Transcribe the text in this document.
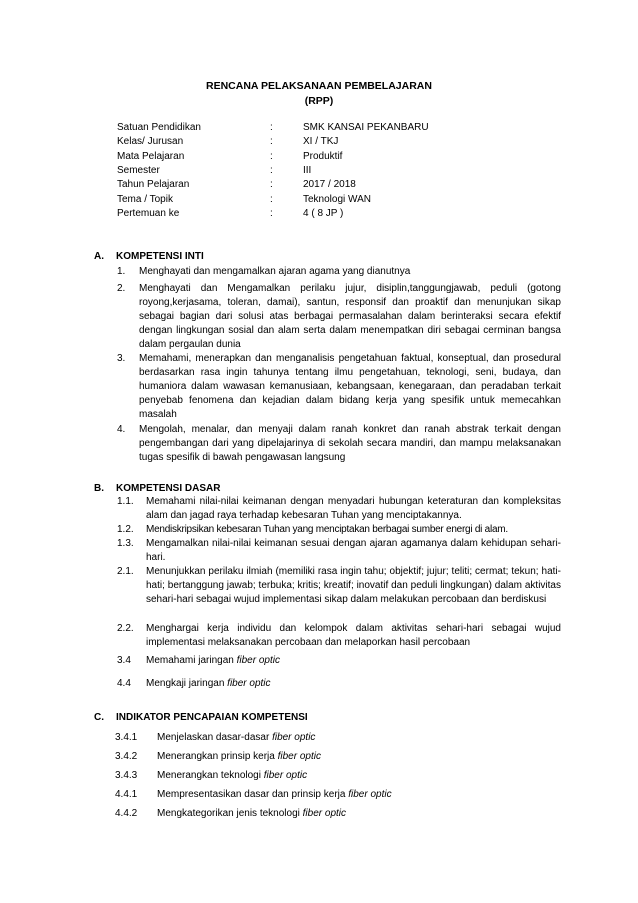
RENCANA PELAKSANAAN PEMBELAJARAN
(RPP)
Satuan Pendidikan	:	SMK KANSAI PEKANBARU
Kelas/ Jurusan	:	XI / TKJ
Mata Pelajaran	:	Produktif
Semester	:	III
Tahun Pelajaran	:	2017 / 2018
Tema / Topik	:	Teknologi WAN
Pertemuan ke	:	4 ( 8 JP )
A. KOMPETENSI INTI
1. Menghayati dan mengamalkan ajaran agama yang dianutnya
2. Menghayati dan Mengamalkan perilaku jujur, disiplin,tanggungjawab, peduli (gotong royong,kerjasama, toleran, damai), santun, responsif dan proaktif dan menunjukan sikap sebagai bagian dari solusi atas berbagai permasalahan dalam berinteraksi secara efektif dengan lingkungan sosial dan alam serta dalam menempatkan diri sebagai cerminan bangsa dalam pergaulan dunia
3. Memahami, menerapkan dan menganalisis pengetahuan faktual, konseptual, dan prosedural berdasarkan rasa ingin tahunya tentang ilmu pengetahuan, teknologi, seni, budaya, dan humaniora dalam wawasan kemanusiaan, kebangsaan, kenegaraan, dan peradaban terkait penyebab fenomena dan kejadian dalam bidang kerja yang spesifik untuk memecahkan masalah
4. Mengolah, menalar, dan menyaji dalam ranah konkret dan ranah abstrak terkait dengan pengembangan dari yang dipelajarinya di sekolah secara mandiri, dan mampu melaksanakan tugas spesifik di bawah pengawasan langsung
B. KOMPETENSI DASAR
1.1. Memahami nilai-nilai keimanan dengan menyadari hubungan keteraturan dan kompleksitas alam dan jagad raya terhadap kebesaran Tuhan yang menciptakannya.
1.2. Mendiskripsikan kebesaran Tuhan yang menciptakan berbagai sumber energi di alam.
1.3. Mengamalkan nilai-nilai keimanan sesuai dengan ajaran agamanya dalam kehidupan sehari-hari.
2.1. Menunjukkan perilaku ilmiah (memiliki rasa ingin tahu; objektif; jujur; teliti; cermat; tekun; hati-hati; bertanggung jawab; terbuka; kritis; kreatif; inovatif dan peduli lingkungan) dalam aktivitas sehari-hari sebagai wujud implementasi sikap dalam melakukan percobaan dan berdiskusi
2.2. Menghargai kerja individu dan kelompok dalam aktivitas sehari-hari sebagai wujud implementasi melaksanakan percobaan dan melaporkan hasil percobaan
3.4 Memahami jaringan fiber optic
4.4 Mengkaji jaringan fiber optic
C. INDIKATOR PENCAPAIAN KOMPETENSI
3.4.1 Menjelaskan dasar-dasar fiber optic
3.4.2 Menerangkan prinsip kerja fiber optic
3.4.3 Menerangkan teknologi fiber optic
4.4.1 Mempresentasikan dasar dan prinsip kerja fiber optic
4.4.2 Mengkategorikan jenis teknologi fiber optic
